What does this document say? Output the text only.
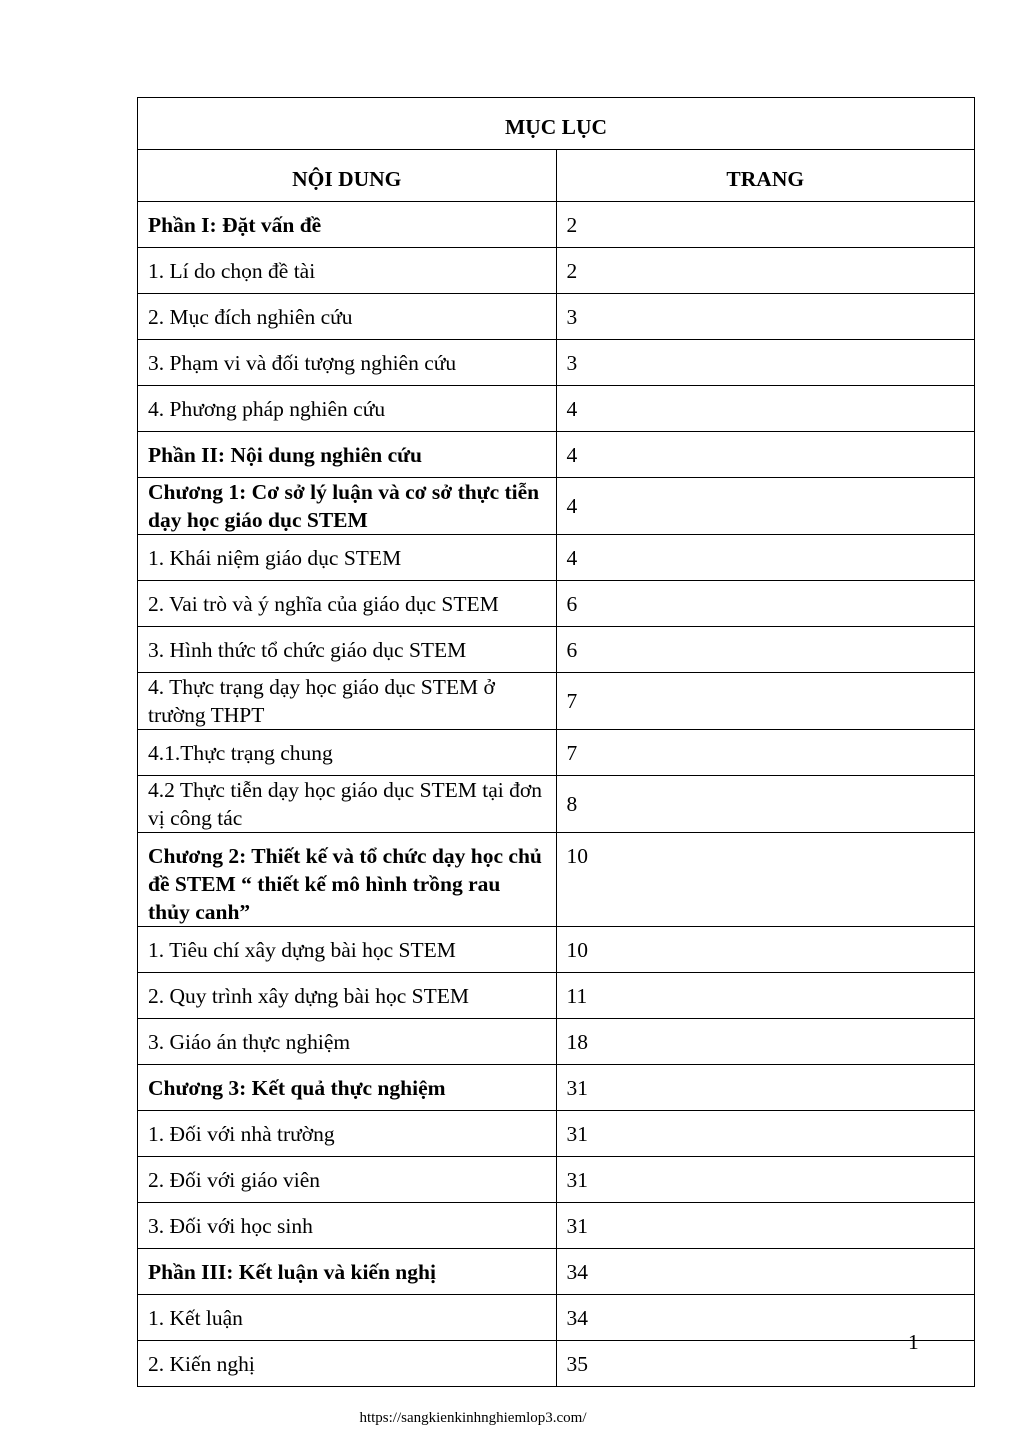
MỤC LỤC	
NỘI DUNG	TRANG
Phần I: Đặt vấn đề	2
1. Lí do chọn đề tài	2
2. Mục đích nghiên cứu	3
3. Phạm vi và đối tượng nghiên cứu	3
4. Phương pháp nghiên cứu	4
Phần II: Nội dung nghiên cứu	4
Chương 1: Cơ sở lý luận và cơ sở thực tiễn dạy học giáo dục STEM	4
1. Khái niệm giáo dục STEM	4
2. Vai trò và ý nghĩa của giáo dục STEM	6
3. Hình thức tổ chức giáo dục STEM	6
4. Thực trạng dạy học giáo dục STEM ở trường THPT	7
4.1.Thực trạng chung	7
4.2 Thực tiễn dạy học giáo dục STEM tại đơn vị công tác	8
Chương 2: Thiết kế và tổ chức dạy học chủ đề STEM “ thiết kế mô hình trồng rau thủy canh”	10
1. Tiêu chí xây dựng bài học STEM	10
2. Quy trình xây dựng bài học STEM	11
3. Giáo án thực nghiệm	18
Chương 3: Kết quả thực nghiệm	31
1. Đối với nhà trường	31
2. Đối với giáo viên	31
3. Đối với học sinh	31
Phần III: Kết luận và kiến nghị	34
1. Kết luận	34
2. Kiến nghị	35
1
https://sangkienkinhnghiemlop3.com/
